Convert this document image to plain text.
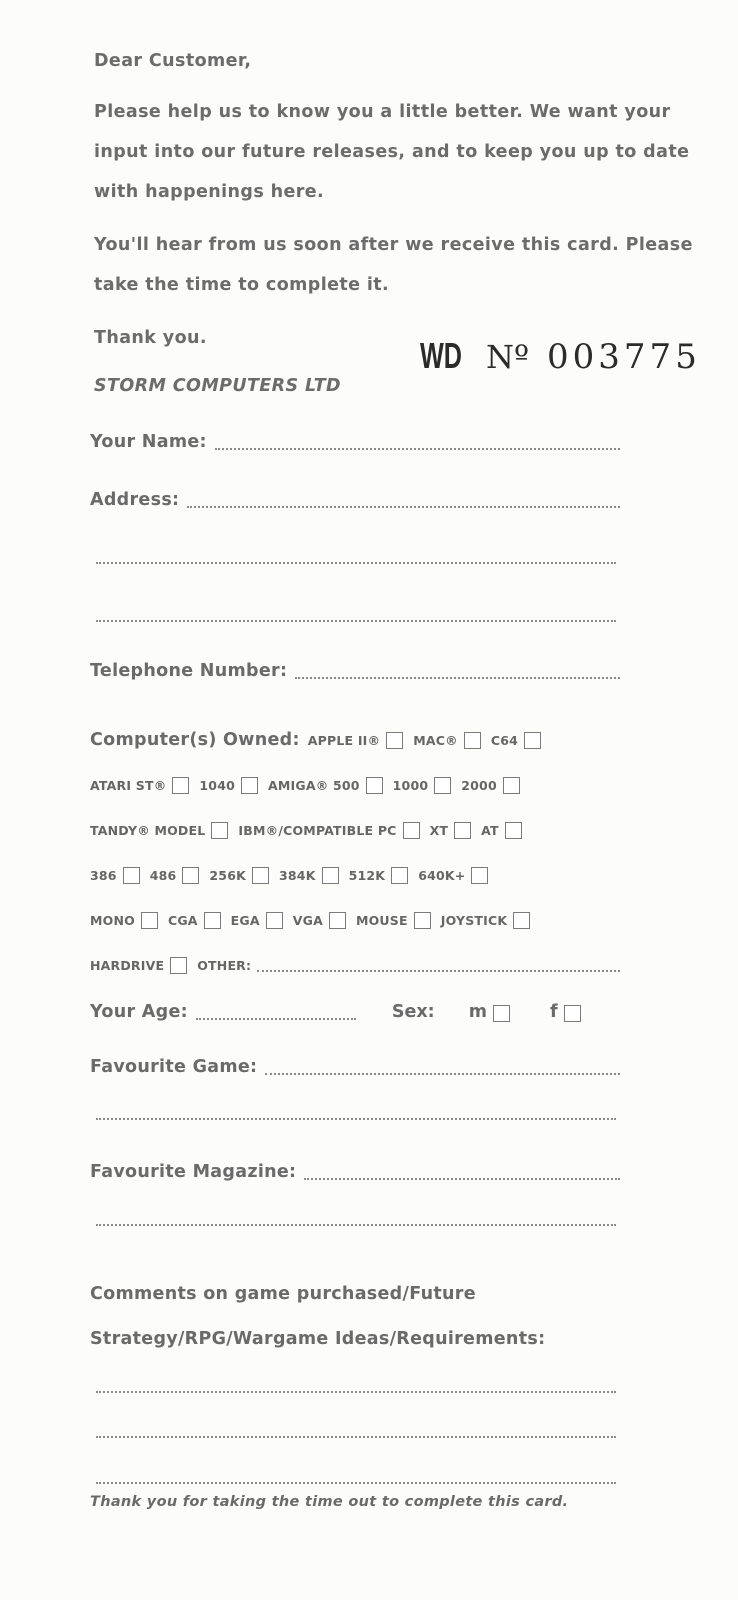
Dear Customer,
Please help us to know you a little better. We want your input into our future releases, and to keep you up to date with happenings here.
You'll hear from us soon after we receive this card. Please take the time to complete it.
Thank you.
STORM COMPUTERS LTD
WD Nº 003775
Your Name:
Address:
Telephone Number:
Computer(s) Owned: APPLE II®	MAC®	C64
ATARI ST®	1040	AMIGA® 500	1000	2000
TANDY® MODEL	IBM®/COMPATIBLE PC	XT	AT
386	486	256K	384K	512K	640K+
MONO	CGA	EGA	VGA	MOUSE	JOYSTICK
HARDRIVE	OTHER:
Your Age:	Sex: m	f
Favourite Game:
Favourite Magazine:
Comments on game purchased/Future
Strategy/RPG/Wargame Ideas/Requirements:
Thank you for taking the time out to complete this card.
